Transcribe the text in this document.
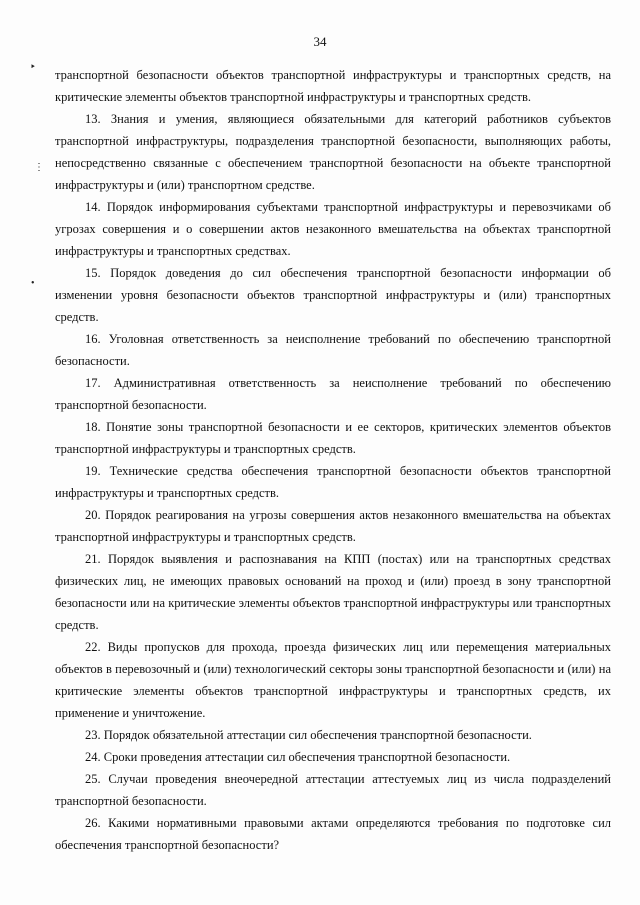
34
‣
⋮
•

транспортной безопасности объектов транспортной инфраструктуры и транспортных средств, на критические элементы объектов транспортной инфраструктуры и транспортных средств.

13. Знания и умения, являющиеся обязательными для категорий работников субъектов транспортной инфраструктуры, подразделения транспортной безопасности, выполняющих работы, непосредственно связанные с обеспечением транспортной безопасности на объекте транспортной инфраструктуры и (или) транспортном средстве.

14. Порядок информирования субъектами транспортной инфраструктуры и перевозчиками об угрозах совершения и о совершении актов незаконного вмешательства на объектах транспортной инфраструктуры и транспортных средствах.

15. Порядок доведения до сил обеспечения транспортной безопасности информации об изменении уровня безопасности объектов транспортной инфраструктуры и (или) транспортных средств.

16. Уголовная ответственность за неисполнение требований по обеспечению транспортной безопасности.

17. Административная ответственность за неисполнение требований по обеспечению транспортной безопасности.

18. Понятие зоны транспортной безопасности и ее секторов, критических элементов объектов транспортной инфраструктуры и транспортных средств.

19. Технические средства обеспечения транспортной безопасности объектов транспортной инфраструктуры и транспортных средств.

20. Порядок реагирования на угрозы совершения актов незаконного вмешательства на объектах транспортной инфраструктуры и транспортных средств.

21. Порядок выявления и распознавания на КПП (постах) или на транспортных средствах физических лиц, не имеющих правовых оснований на проход и (или) проезд в зону транспортной безопасности или на критические элементы объектов транспортной инфраструктуры или транспортных средств.

22. Виды пропусков для прохода, проезда физических лиц или перемещения материальных объектов в перевозочный и (или) технологический секторы зоны транспортной безопасности и (или) на критические элементы объектов транспортной инфраструктуры и транспортных средств, их применение и уничтожение.

23. Порядок обязательной аттестации сил обеспечения транспортной безопасности.

24. Сроки проведения аттестации сил обеспечения транспортной безопасности.

25. Случаи проведения внеочередной аттестации аттестуемых лиц из числа подразделений транспортной безопасности.

26. Какими нормативными правовыми актами определяются требования по подготовке сил обеспечения транспортной безопасности?
